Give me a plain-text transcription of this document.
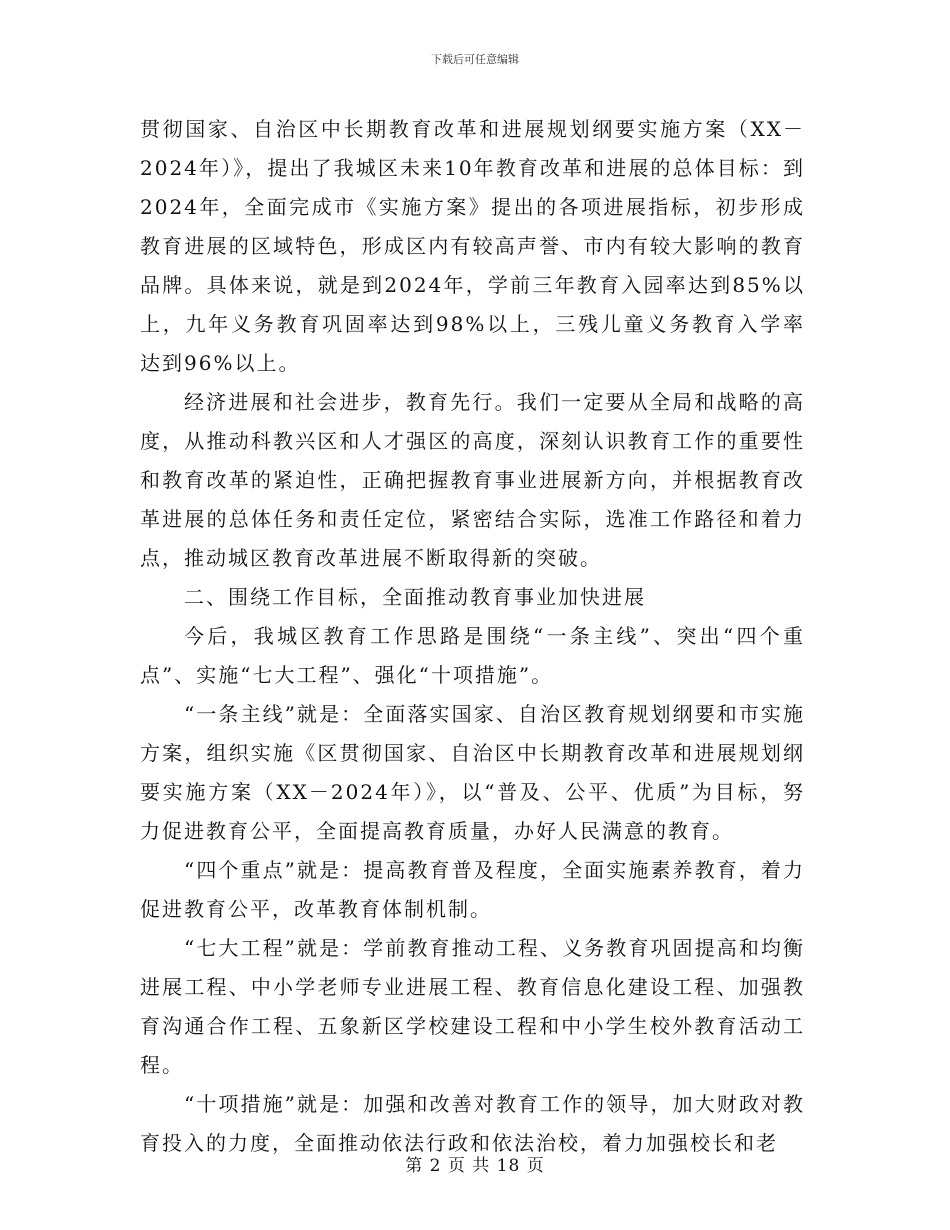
下载后可任意编辑

贯彻国家、自治区中长期教育改革和进展规划纲要实施方案（XX－2024年）》，提出了我城区未来10年教育改革和进展的总体目标：到2024年，全面完成市《实施方案》提出的各项进展指标，初步形成教育进展的区域特色，形成区内有较高声誉、市内有较大影响的教育品牌。具体来说，就是到2024年，学前三年教育入园率达到85%以上，九年义务教育巩固率达到98%以上，三残儿童义务教育入学率达到96%以上。

经济进展和社会进步，教育先行。我们一定要从全局和战略的高度，从推动科教兴区和人才强区的高度，深刻认识教育工作的重要性和教育改革的紧迫性，正确把握教育事业进展新方向，并根据教育改革进展的总体任务和责任定位，紧密结合实际，选准工作路径和着力点，推动城区教育改革进展不断取得新的突破。

二、围绕工作目标，全面推动教育事业加快进展

今后，我城区教育工作思路是围绕“一条主线”、突出“四个重点”、实施“七大工程”、强化“十项措施”。

“一条主线”就是：全面落实国家、自治区教育规划纲要和市实施方案，组织实施《区贯彻国家、自治区中长期教育改革和进展规划纲要实施方案（XX－2024年）》，以“普及、公平、优质”为目标，努力促进教育公平，全面提高教育质量，办好人民满意的教育。

“四个重点”就是：提高教育普及程度，全面实施素养教育，着力促进教育公平，改革教育体制机制。

“七大工程”就是：学前教育推动工程、义务教育巩固提高和均衡进展工程、中小学老师专业进展工程、教育信息化建设工程、加强教育沟通合作工程、五象新区学校建设工程和中小学生校外教育活动工程。

“十项措施”就是：加强和改善对教育工作的领导，加大财政对教育投入的力度，全面推动依法行政和依法治校，着力加强校长和老

第 2 页 共 18 页
